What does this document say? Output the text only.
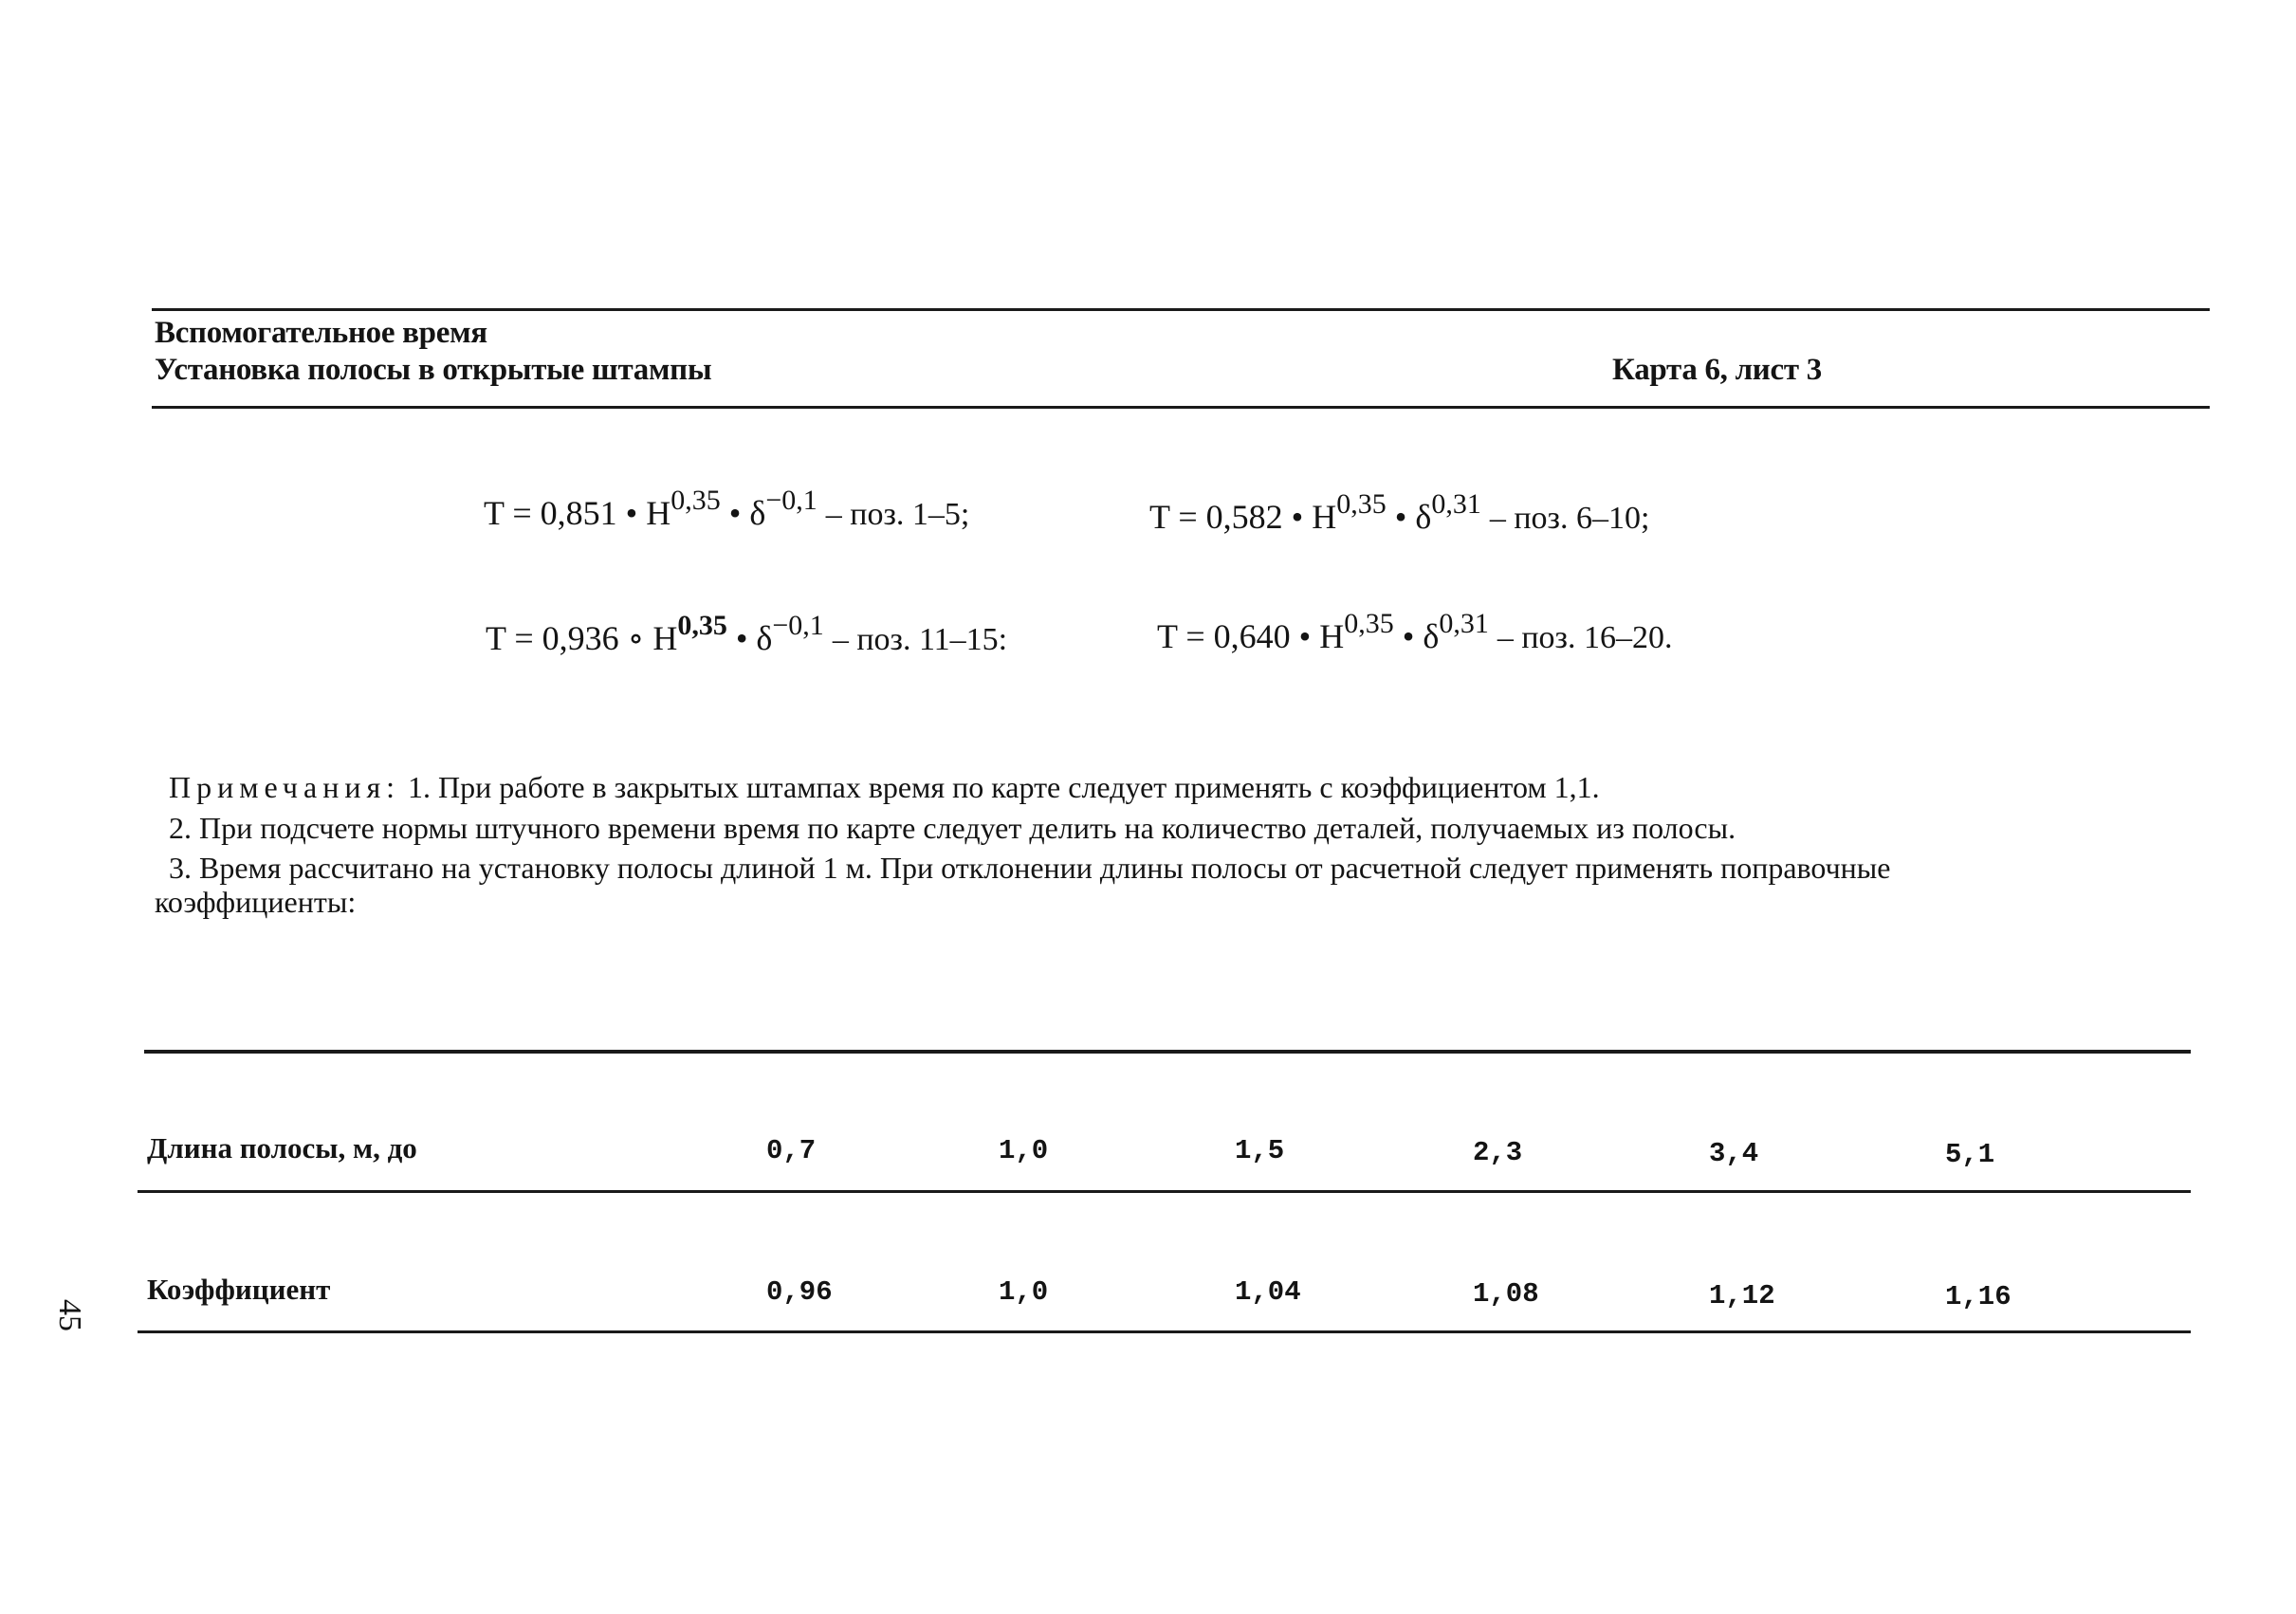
Вспомогательное время
Установка полосы в открытые штампы	Карта 6, лист 3
T = 0,851 • H$^{0,35}$ • $\delta^{-0,1}$ – поз. 1–5;	T = 0,582 • H$^{0,35}$ • $\delta^{0,31}$ – поз. 6–10;
T = 0,936 ∘ H$^{0,35}$ • $\delta^{-0,1}$ – поз. 11–15:	T = 0,640 • H$^{0,35}$ • $\delta^{0,31}$ – поз. 16–20.
Примечания: 1. При работе в закрытых штампах время по карте следует применять с коэффициентом 1,1.
2. При подсчете нормы штучного времени время по карте следует делить на количество деталей, получаемых из полосы.
3. Время рассчитано на установку полосы длиной 1 м. При отклонении длины полосы от расчетной следует применять поправочные
коэффициенты:
Длина полосы, м, до	0,7	1,0	1,5	2,3	3,4	5,1
Коэффициент	0,96	1,0	1,04	1,08	1,12	1,16
45
